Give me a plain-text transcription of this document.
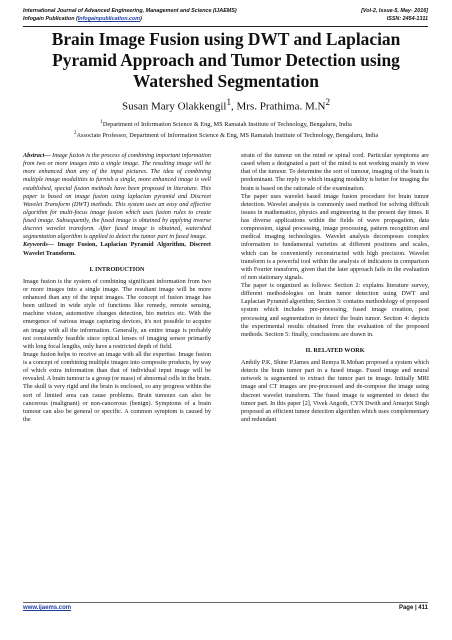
International Journal of Advanced Engineering, Management and Science (IJAEMS)	[Vol-2, Issue-5, May- 2016]
Infogain Publication (Infogainpublication.com)	ISSN: 2454-1311
Brain Image Fusion using DWT and Laplacian
Pyramid Approach and Tumor Detection using
Watershed Segmentation
Susan Mary Olakkengil$^1$, Mrs. Prathima. $M.N^2$
$^1$Department of Information Science & Eng, MS Ramaiah Institute of Technology, Bengaluru, India
$^2$Associate Professor, Department of Information Science & Eng, MS Ramaiah Institute of Technology, Bengaluru, India

Abstract— Image fusion is the process of combining important information from two or more images into a single image. The resulting image will be more enhanced than any of the input pictures. The idea of combining multiple image modalities to furnish a single, more enhanced image is well established, special fusion methods have been proposed in literature. This paper is based on image fusion using laplacian pyramid and Discreet Wavelet Transform (DWT) methods. This system uses an easy and effective algorithm for multi-focus image fusion which uses fusion rules to create fused image. Subsequently, the fused image is obtained by applying inverse discreet wavelet transform. After fused image is obtained, watershed segmentation algorithm is applied to detect the tumor part in fused image.

Keywords— Image Fusion, Laplacian Pyramid Algorithm, Discreet Wavelet Transform.

I. INTRODUCTION

Image fusion is the system of combining significant information from two or more images into a single image. The resultant image will be more enhanced than any of the input images. The concept of fusion image has been utilized in wide style of functions like remedy, remote sensing, machine vision, automotive changes detection, bio metrics etc. With the emergence of various image capturing devices, it's not possible to acquire an image with all the information. Generally, an entire image is probably not consistently feasible since optical lenses of imaging sensor primarily with long focal lengths, only have a restricted depth of field.

Image fusion helps to receive an image with all the expertise. Image fusion is a concept of combining multiple images into composite products, by way of which extra information than that of individual input image will be revealed. A brain tumour is a group (or mass) of abnormal cells in the brain. The skull is very rigid and the brain is enclosed, so any progress within the sort of limited area can cause problems. Brain tumours can also be cancerous (malignant) or non-cancerous (benign). Symptoms of a brain tumour can also be general or specific. A common symptom is caused by the

strain of the tumour on the mind or spinal cord. Particular symptoms are cased when a designated a part of the mind is not working mainly in view that of the tumour. To determine the sort of tumour, imaging of the brain is predominant. The reply to which imaging modality is better for imaging the brain is based on the rationale of the examination.

The paper uses wavelet based image fusion procedure for brain tumor detection. Wavelet analysis is commonly used method for solving difficult issues in mathematics, physics and engineering in the present day times. It has diverse applications within the fields of wave propagation, data compression, signal processing, image processing, pattern recognition and medical imaging technologies. Wavelet analysis decomposes complex information to fundamental varieties at different positions and scales, which can be conveniently reconstructed with high precision. Wavelet transform is a powerful tool within the analysis of indicators in comparison with Fourier transform, given that the later approach fails in the evaluation of non stationary signals.

The paper is organized as follows: Section 2: explains literature survey, different methodologies on brain tumor detection using DWT and Laplacian Pyramid algorithm; Section 3: contains methodology of proposed system which includes pre-processing, fused image creation, post processing and segmentation to detect the brain tumor. Section 4: depicts the experimental results obtained from the evaluation of the proposed methods. Section 5: finally, conclusions are drawn in.

II. RELATED WORK

Ambily P.K, Shine P.James and Remya R.Mohan proposed a system which detects the brain tumor part in a fused image. Fused image and neural network is segmented to extract the tumor part in image. Initially MRI image and CT images are pre-processed and de-compose the image using discreet wavelet transform. The fused image is segmented to detect the tumor part. In this paper [2], Vivek Angoth, CYN Dwith and Amarjot Singh proposed an efficient tumor detection algorithm which uses complementary and redundant

www.ijaems.com	Page | 411
